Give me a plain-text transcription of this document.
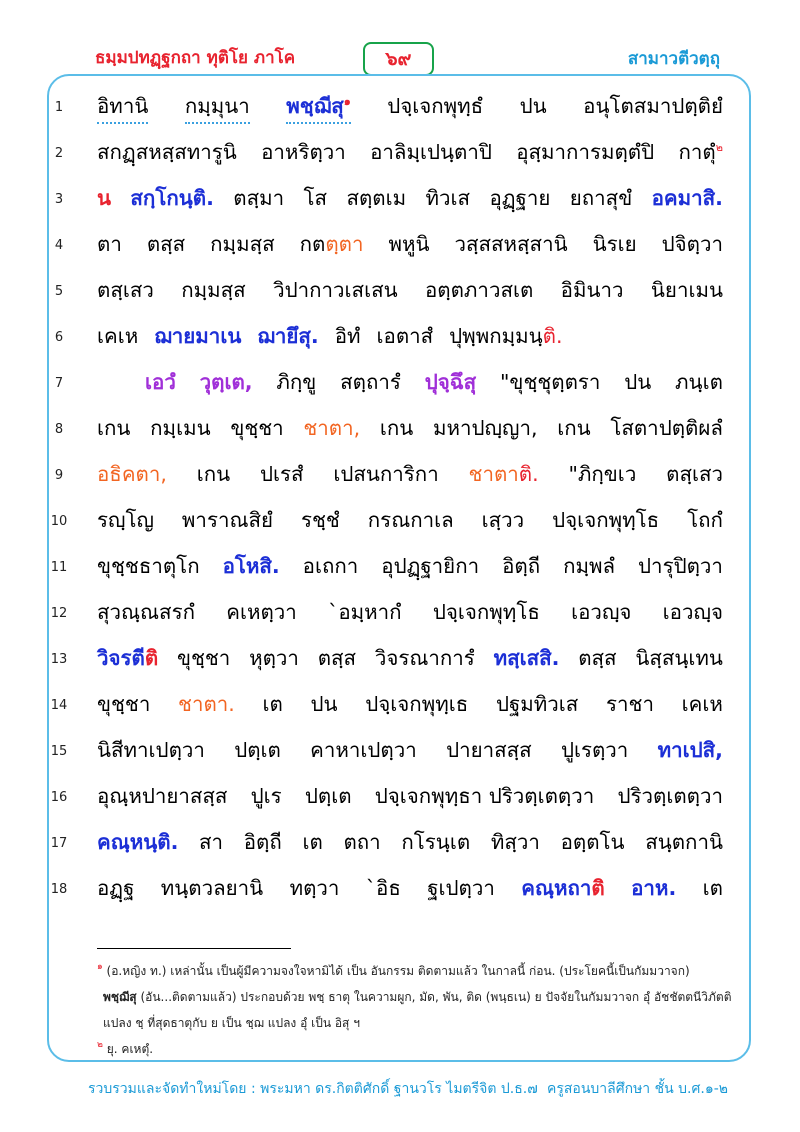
ธมฺมปทฏฺฐกถา ทุติโย ภาโค	๖๙	สามาวตีวตฺถุ
1	อิทานิ กมฺมุนา พชฺฌีสุ$^๑$ ปจฺเจกพุทฺธํ ปน อนุโตสมาปตฺติยํ
2	สกฏฺสหสฺสทารูนิ อาหริตฺวา อาลิมฺเปนฺตาปิ อุสฺมาการมตฺตํปิ กาตุํ$^๒$
3	น สกฺโกนฺติ. ตสฺมา โส สตฺตเม ทิวเส อุฏฺฐาย ยถาสุขํ อคมาสิ.
4	ตา ตสฺส กมฺมสฺส กตตฺตา พหูนิ วสฺสสหสฺสานิ นิรเย ปจิตฺวา
5	ตสฺเสว กมฺมสฺส วิปากาวเสเสน อตฺตภาวสเต อิมินาว นิยาเมน
6	เคเห ฌายมาเน ฌายึสุ. อิทํ เอตาสํ ปุพฺพกมฺมนฺติ.
7	เอวํ วุตฺเต, ภิกฺขู สตฺถารํ ปุจฺฉึสุ "ขุชฺชุตฺตรา ปน ภนฺเต
8	เกน กมฺเมน ขุชฺชา ชาตา, เกน มหาปญฺญา, เกน โสตาปตฺติผลํ
9	อธิคตา, เกน ปเรสํ เปสนการิกา ชาตาติ. "ภิกฺขเว ตสฺเสว
10	รญฺโญ พาราณสิยํ รชฺชํ กรณกาเล เสฺวว ปจฺเจกพุทฺโธ โถกํ
11	ขุชฺชธาตุโก อโหสิ. อเถกา อุปฏฺฐายิกา อิตฺถี กมฺพลํ ปารุปิตฺวา
12	สุวณฺณสรกํ คเหตฺวา `อมฺหากํ ปจฺเจกพุทฺโธ เอวญฺจ เอวญฺจ
13	วิจรตีติ ขุชฺชา หุตฺวา ตสฺส วิจรณาการํ ทสฺเสสิ. ตสฺส นิสฺสนฺเทน
14	ขุชฺชา ชาตา. เต ปน ปจฺเจกพุทฺเธ ปฐมทิวเส ราชา เคเห
15	นิสีทาเปตฺวา ปตฺเต คาหาเปตฺวา ปายาสสฺส ปูเรตฺวา ทาเปสิ,
16	อุณฺหปายาสสฺส ปูเร ปตฺเต ปจฺเจกพุทฺธา ปริวตฺเตตฺวา ปริวตฺเตตฺวา
17	คณฺหนฺติ. สา อิตฺถี เต ตถา กโรนฺเต ทิสฺวา อตฺตโน สนฺตกานิ
18	อฏฺฐ ทนฺตวลยานิ ทตฺวา `อิธ ฐเปตฺวา คณฺหถาติ อาห. เต
$^๑$ (อ.หญิง ท.) เหล่านั้น เป็นผู้มีความจงใจหามิได้ เป็น อันกรรม ติดตามแล้ว ในกาลนี้ ก่อน. (ประโยคนี้เป็นกัมมวาจก)
พชฺฌีสุ (อัน...ติดตามแล้ว) ประกอบด้วย พชฺ ธาตุ ในความผูก, มัด, พัน, ติด (พนฺธเน) ย ปัจจัยในกัมมวาจก อุํ อัชชัตตนีวิภัตติ
แปลง ชฺ ที่สุดธาตุกับ ย เป็น ชฺฌ แปลง อุํ เป็น อิสุ ฯ
$^๒$ ยุ. คเหตุํ.
รวบรวมและจัดทำใหม่โดย : พระมหา ดร.กิตติศักดิ์ ฐานวโร ไมตรีจิต ป.ธ.๗ ครูสอนบาลีศึกษา ชั้น บ.ศ.๑-๒
